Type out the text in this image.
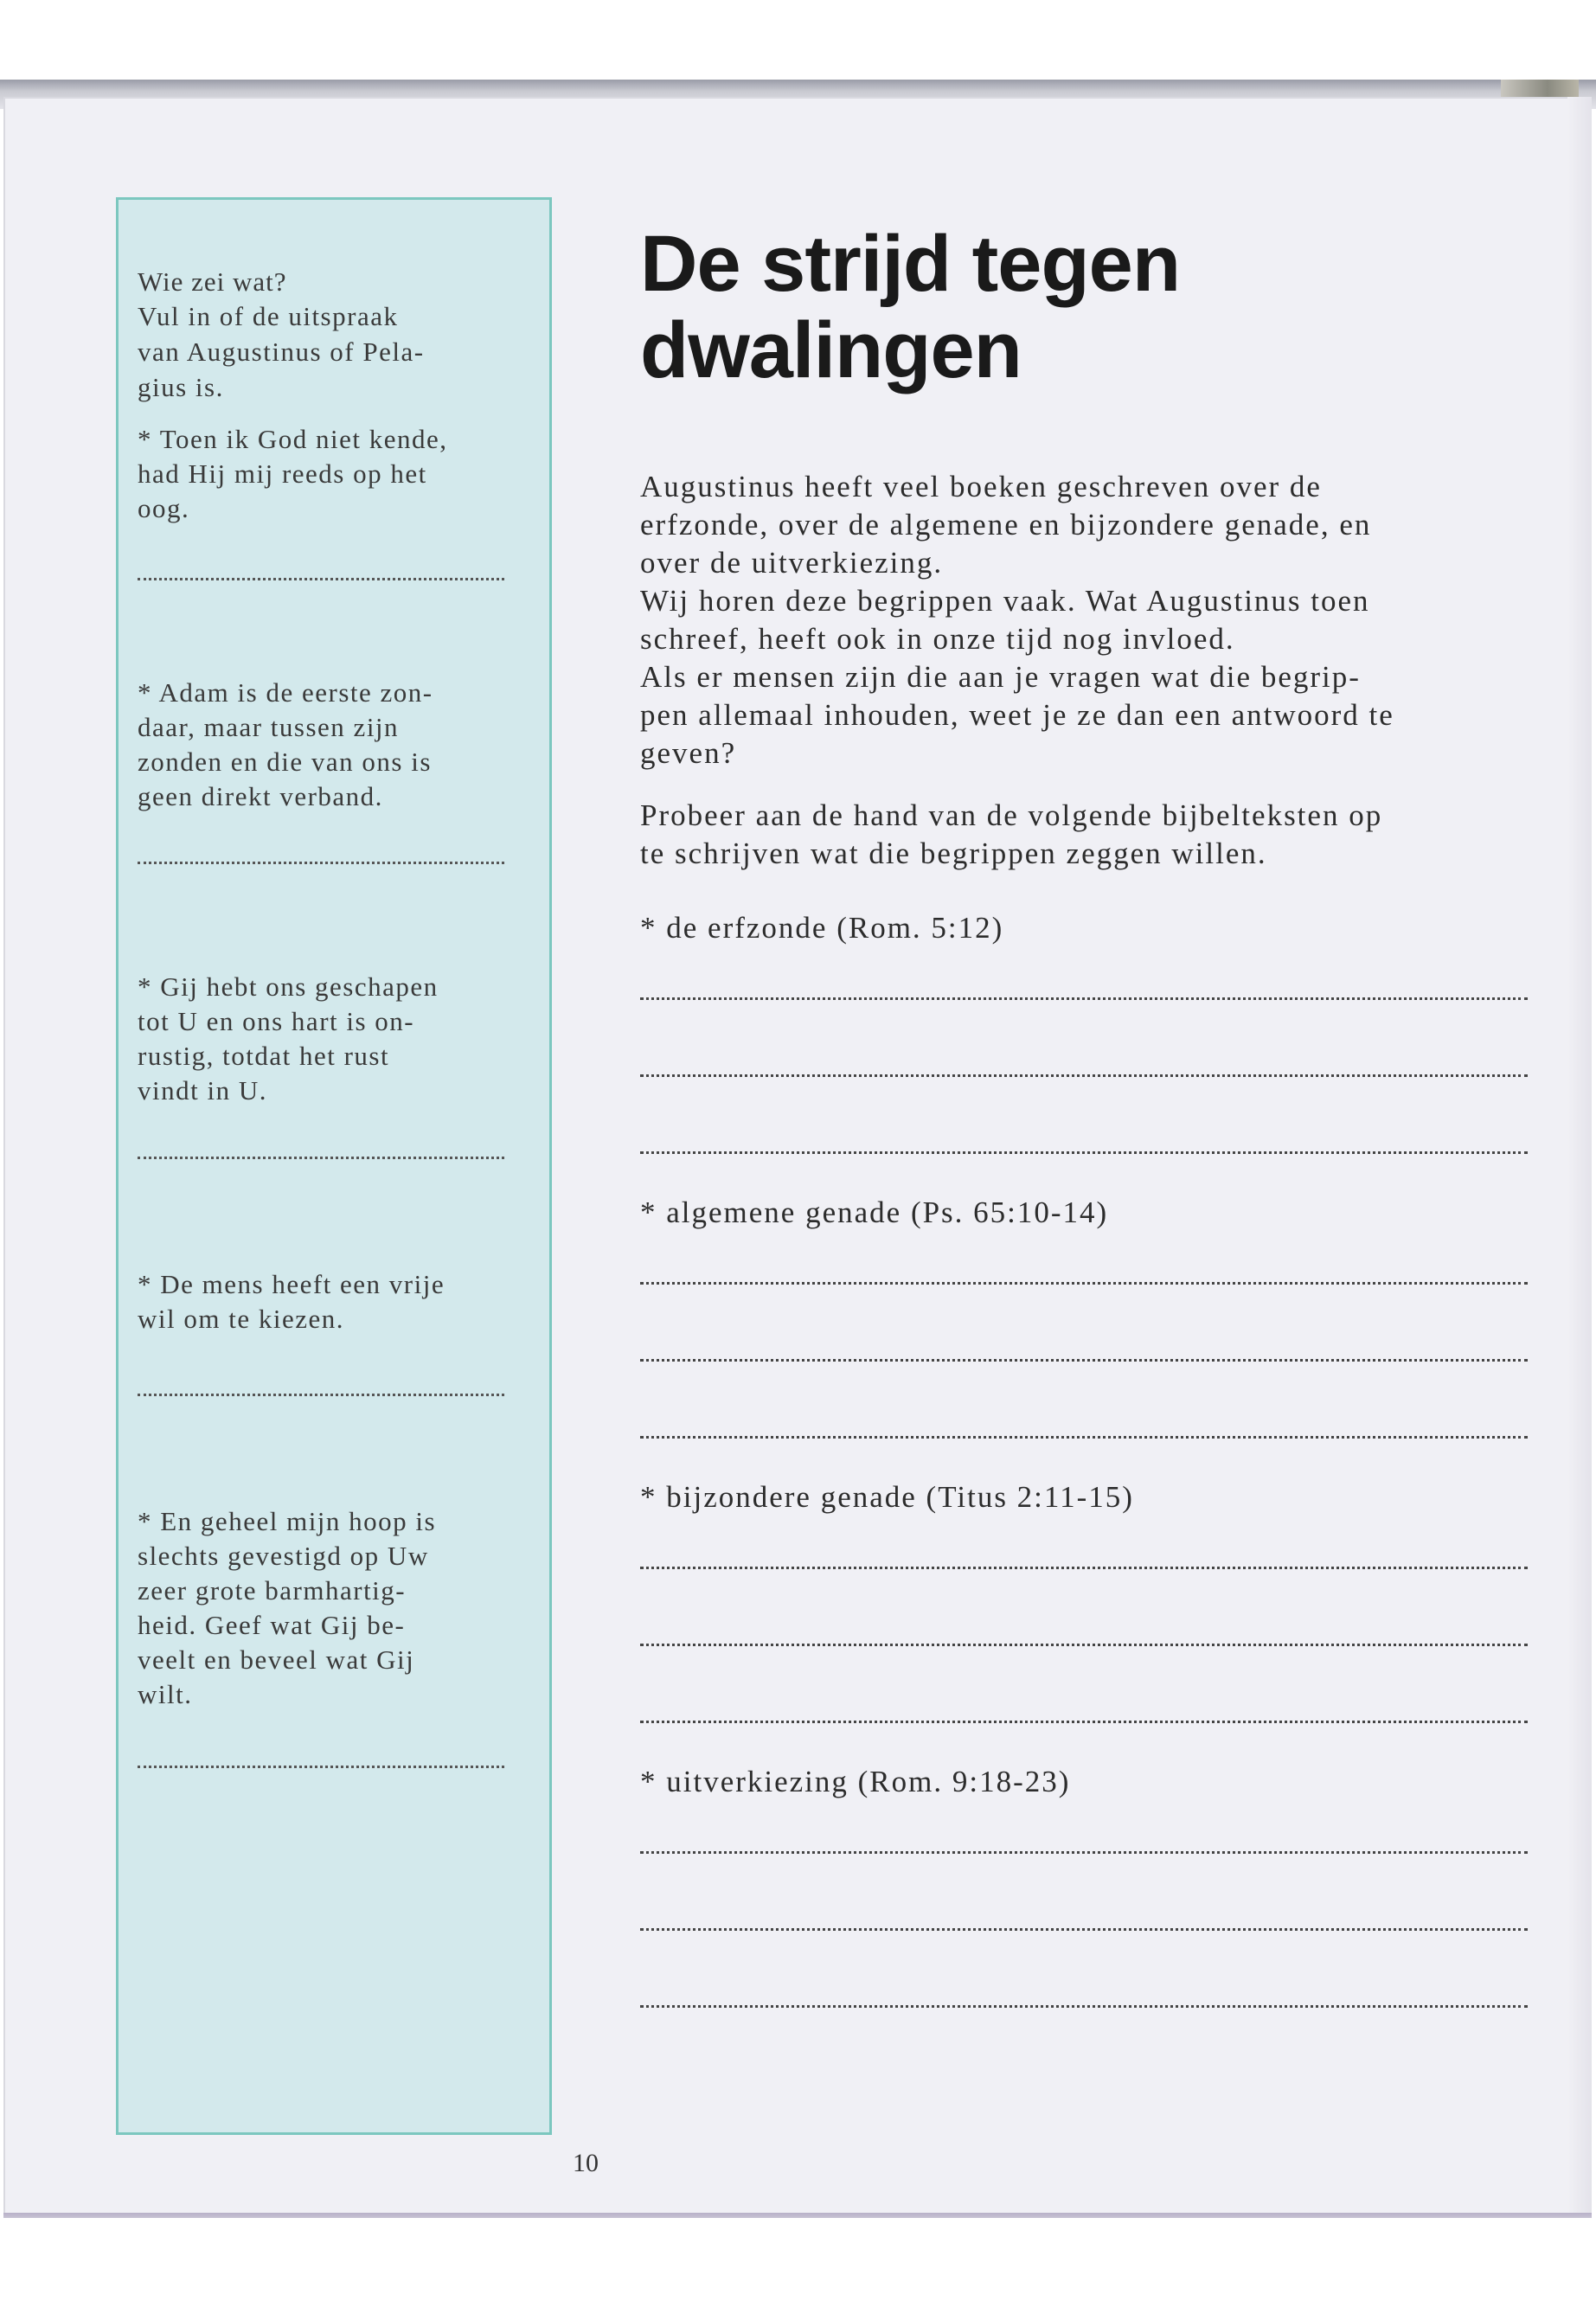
Wie zei wat?

Vul in of de uitspraak
van Augustinus of Pela-
gius is.

* Toen ik God niet kende,
had Hij mij reeds op het
oog.

* Adam is de eerste zon-
daar, maar tussen zijn
zonden en die van ons is
geen direkt verband.

* Gij hebt ons geschapen
tot U en ons hart is on-
rustig, totdat het rust
vindt in U.

* De mens heeft een vrije
wil om te kiezen.

* En geheel mijn hoop is
slechts gevestigd op Uw
zeer grote barmhartig-
heid. Geef wat Gij be-
veelt en beveel wat Gij
wilt.

10
De strijd tegen
dwalingen

Augustinus heeft veel boeken geschreven over de

erfzonde, over de algemene en bijzondere genade, en

over de uitverkiezing.

Wij horen deze begrippen vaak. Wat Augustinus toen

schreef, heeft ook in onze tijd nog invloed.

Als er mensen zijn die aan je vragen wat die begrip-

pen allemaal inhouden, weet je ze dan een antwoord te

geven?

Probeer aan de hand van de volgende bijbelteksten op

te schrijven wat die begrippen zeggen willen.

* de erfzonde (Rom. 5:12)

* algemene genade (Ps. 65:10-14)

* bijzondere genade (Titus 2:11-15)

* uitverkiezing (Rom. 9:18-23)
